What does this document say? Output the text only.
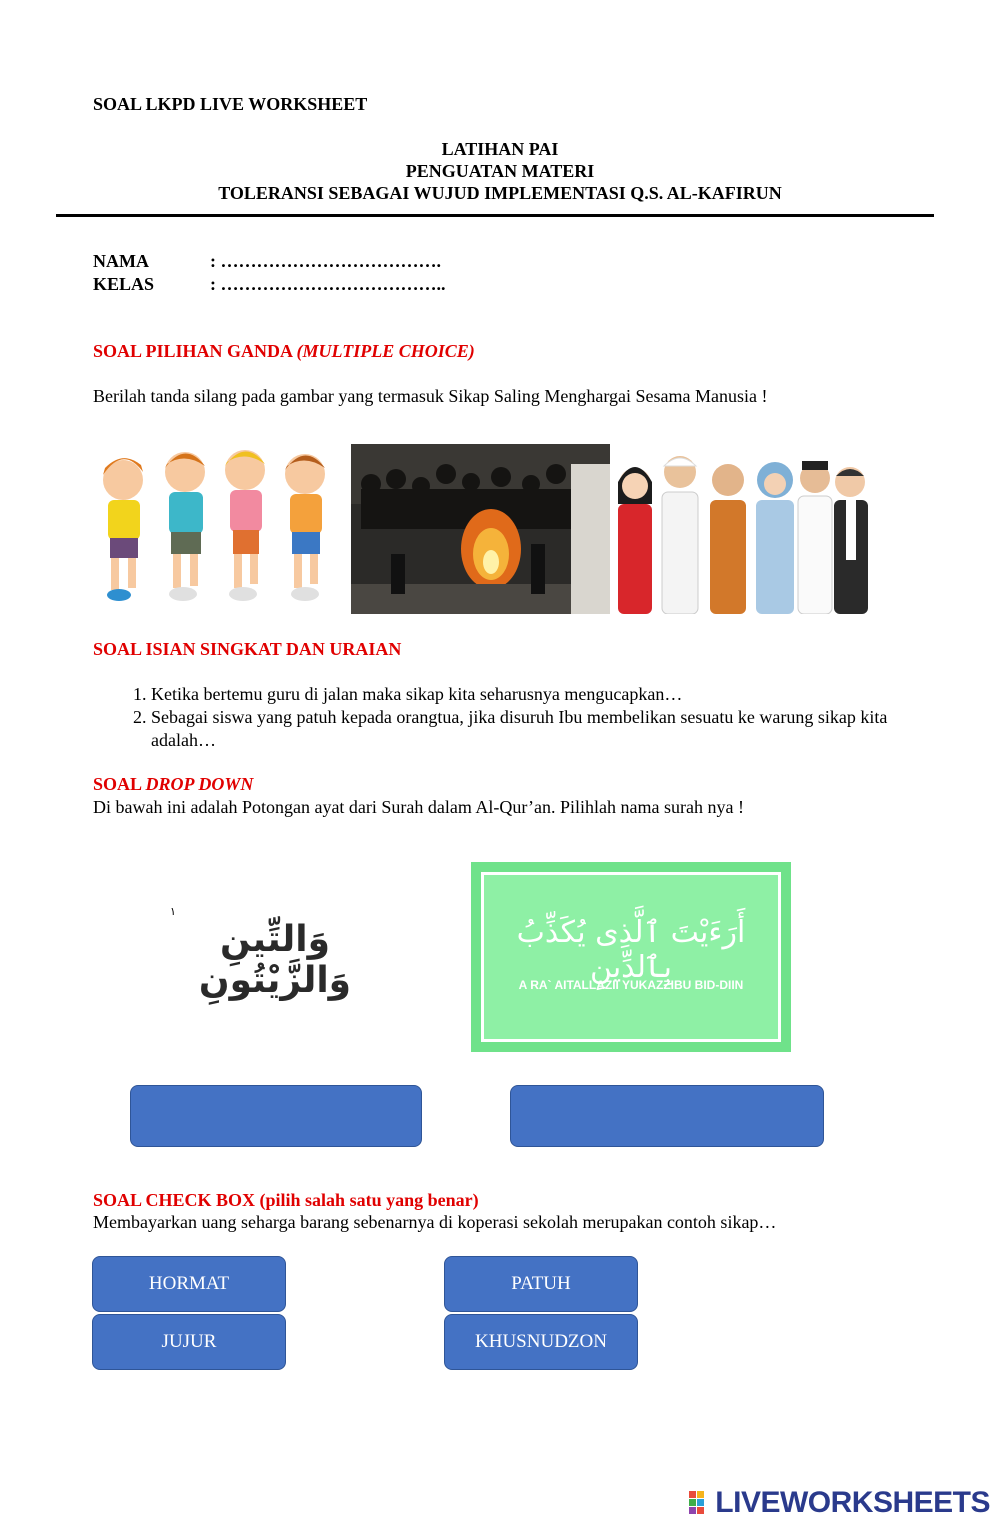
SOAL LKPD LIVE WORKSHEET
LATIHAN PAI
PENGUATAN MATERI
TOLERANSI SEBAGAI WUJUD IMPLEMENTASI Q.S. AL-KAFIRUN
NAMA	: ……………………………….
KELAS	: ………………………………..
SOAL PILIHAN GANDA (MULTIPLE CHOICE)
Berilah tanda silang pada gambar yang termasuk Sikap Saling Menghargai Sesama Manusia !
SOAL ISIAN SINGKAT DAN URAIAN
1. Ketika bertemu guru di jalan maka sikap kita seharusnya mengucapkan…
2. Sebagai siswa yang patuh kepada orangtua, jika disuruh Ibu membelikan sesuatu ke warung sikap kita adalah…
SOAL DROP DOWN
Di bawah ini adalah Potongan ayat dari Surah dalam Al-Qur’an. Pilihlah nama surah nya !
١
وَالتِّينِ وَالزَّيْتُونِ
أَرَءَيْتَ ٱلَّذِى يُكَذِّبُ بِٱلدِّينِ
A RA` AITALLAZII YUKAZZIBU BID-DIIN
SOAL CHECK BOX (pilih salah satu yang benar)
Membayarkan uang seharga barang sebenarnya di koperasi sekolah merupakan contoh sikap…
HORMAT	PATUH
JUJUR	KHUSNUDZON
LIVEWORKSHEETS
